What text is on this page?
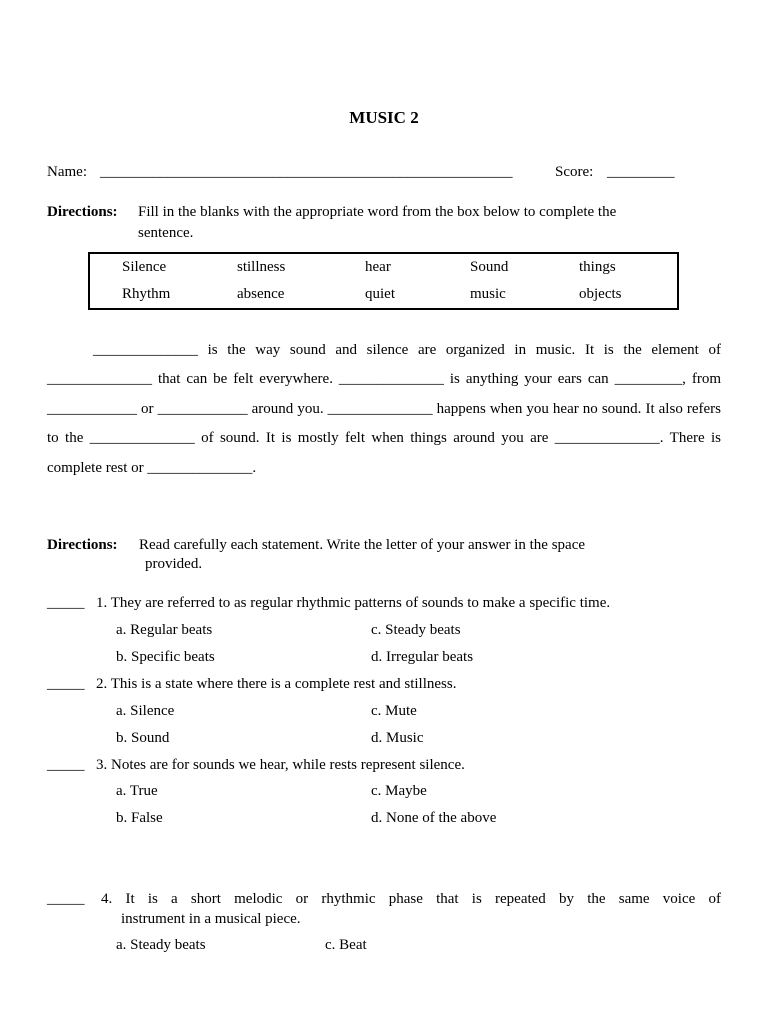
MUSIC 2
Name: _______________________________________________________	Score: _________
Directions: Fill in the blanks with the appropriate word from the box below to complete the
sentence.
Silence	stillness	hear	Sound	things
Rhythm	absence	quiet	music	objects
______________ is the way sound and silence are organized in music. It is the element of ______________ that can be felt everywhere. ______________ is anything your ears can _________, from ____________ or ____________ around you. ______________ happens when you hear no sound. It also refers to the ______________ of sound. It is mostly felt when things around you are ______________. There is complete rest or ______________.
Directions: Read carefully each statement. Write the letter of your answer in the space
provided.
_____ 1. They are referred to as regular rhythmic patterns of sounds to make a specific time.
a. Regular beats	c. Steady beats
b. Specific beats	d. Irregular beats
_____ 2. This is a state where there is a complete rest and stillness.
a. Silence	c. Mute
b. Sound	d. Music
_____ 3. Notes are for sounds we hear, while rests represent silence.
a. True	c. Maybe
b. False	d. None of the above
_____ 4. It is a short melodic or rhythmic phase that is repeated by the same voice of
instrument in a musical piece.
a. Steady beats	c. Beat
